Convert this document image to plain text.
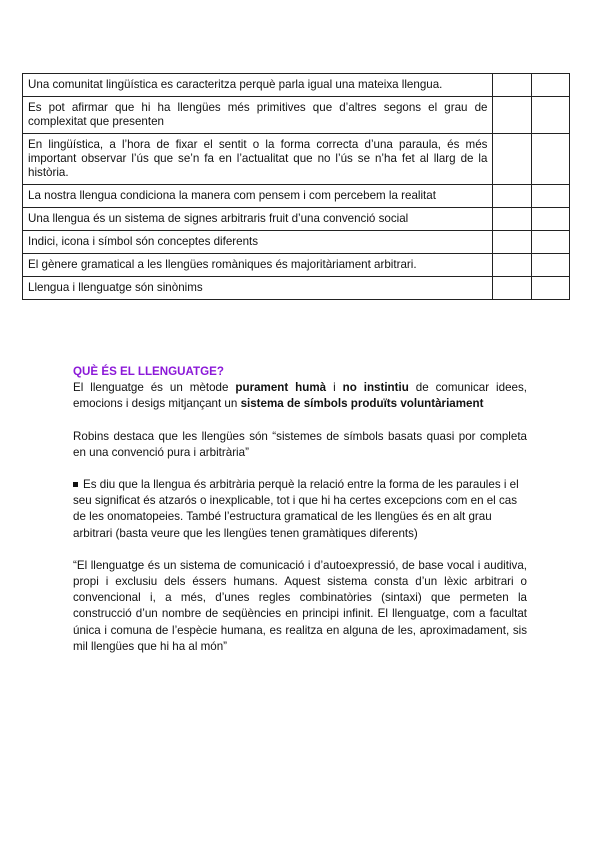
Una comunitat lingüística es caracteritza perquè parla igual una mateixa llengua.		
Es pot afirmar que hi ha llengües més primitives que d’altres segons el grau de complexitat que presenten		
En lingüística, a l’hora de fixar el sentit o la forma correcta d’una paraula, és més important observar l’ús que se’n fa en l’actualitat que no l’ús se n’ha fet al llarg de la història.		
La nostra llengua condiciona la manera com pensem i com percebem la realitat		
Una llengua és un sistema de signes arbitraris fruit d’una convenció social		
Indici, icona i símbol són conceptes diferents		
El gènere gramatical a les llengües romàniques és majoritàriament arbitrari.		
Llengua i llenguatge són sinònims		

QUÈ ÉS EL LLENGUATGE?

El llenguatge és un mètode purament humà i no instintiu de comunicar idees, emocions i desigs mitjançant un sistema de símbols produïts voluntàriament

Robins destaca que les llengües són “sistemes de símbols basats quasi por completa en una convenció pura i arbitrària”

Es diu que la llengua és arbitrària perquè la relació entre la forma de les paraules i el seu significat és atzarós o inexplicable, tot i que hi ha certes excepcions com en el cas de les onomatopeies. També l’estructura gramatical de les llengües és en alt grau arbitrari (basta veure que les llengües tenen gramàtiques diferents)

“El llenguatge és un sistema de comunicació i d’autoexpressió, de base vocal i auditiva, propi i exclusiu dels éssers humans. Aquest sistema consta d’un lèxic arbitrari o convencional i, a més, d’unes regles combinatòries (sintaxi) que permeten la construcció d’un nombre de seqüències en principi infinit. El llenguatge, com a facultat única i comuna de l’espècie humana, es realitza en alguna de les, aproximadament, sis mil llengües que hi ha al món”
